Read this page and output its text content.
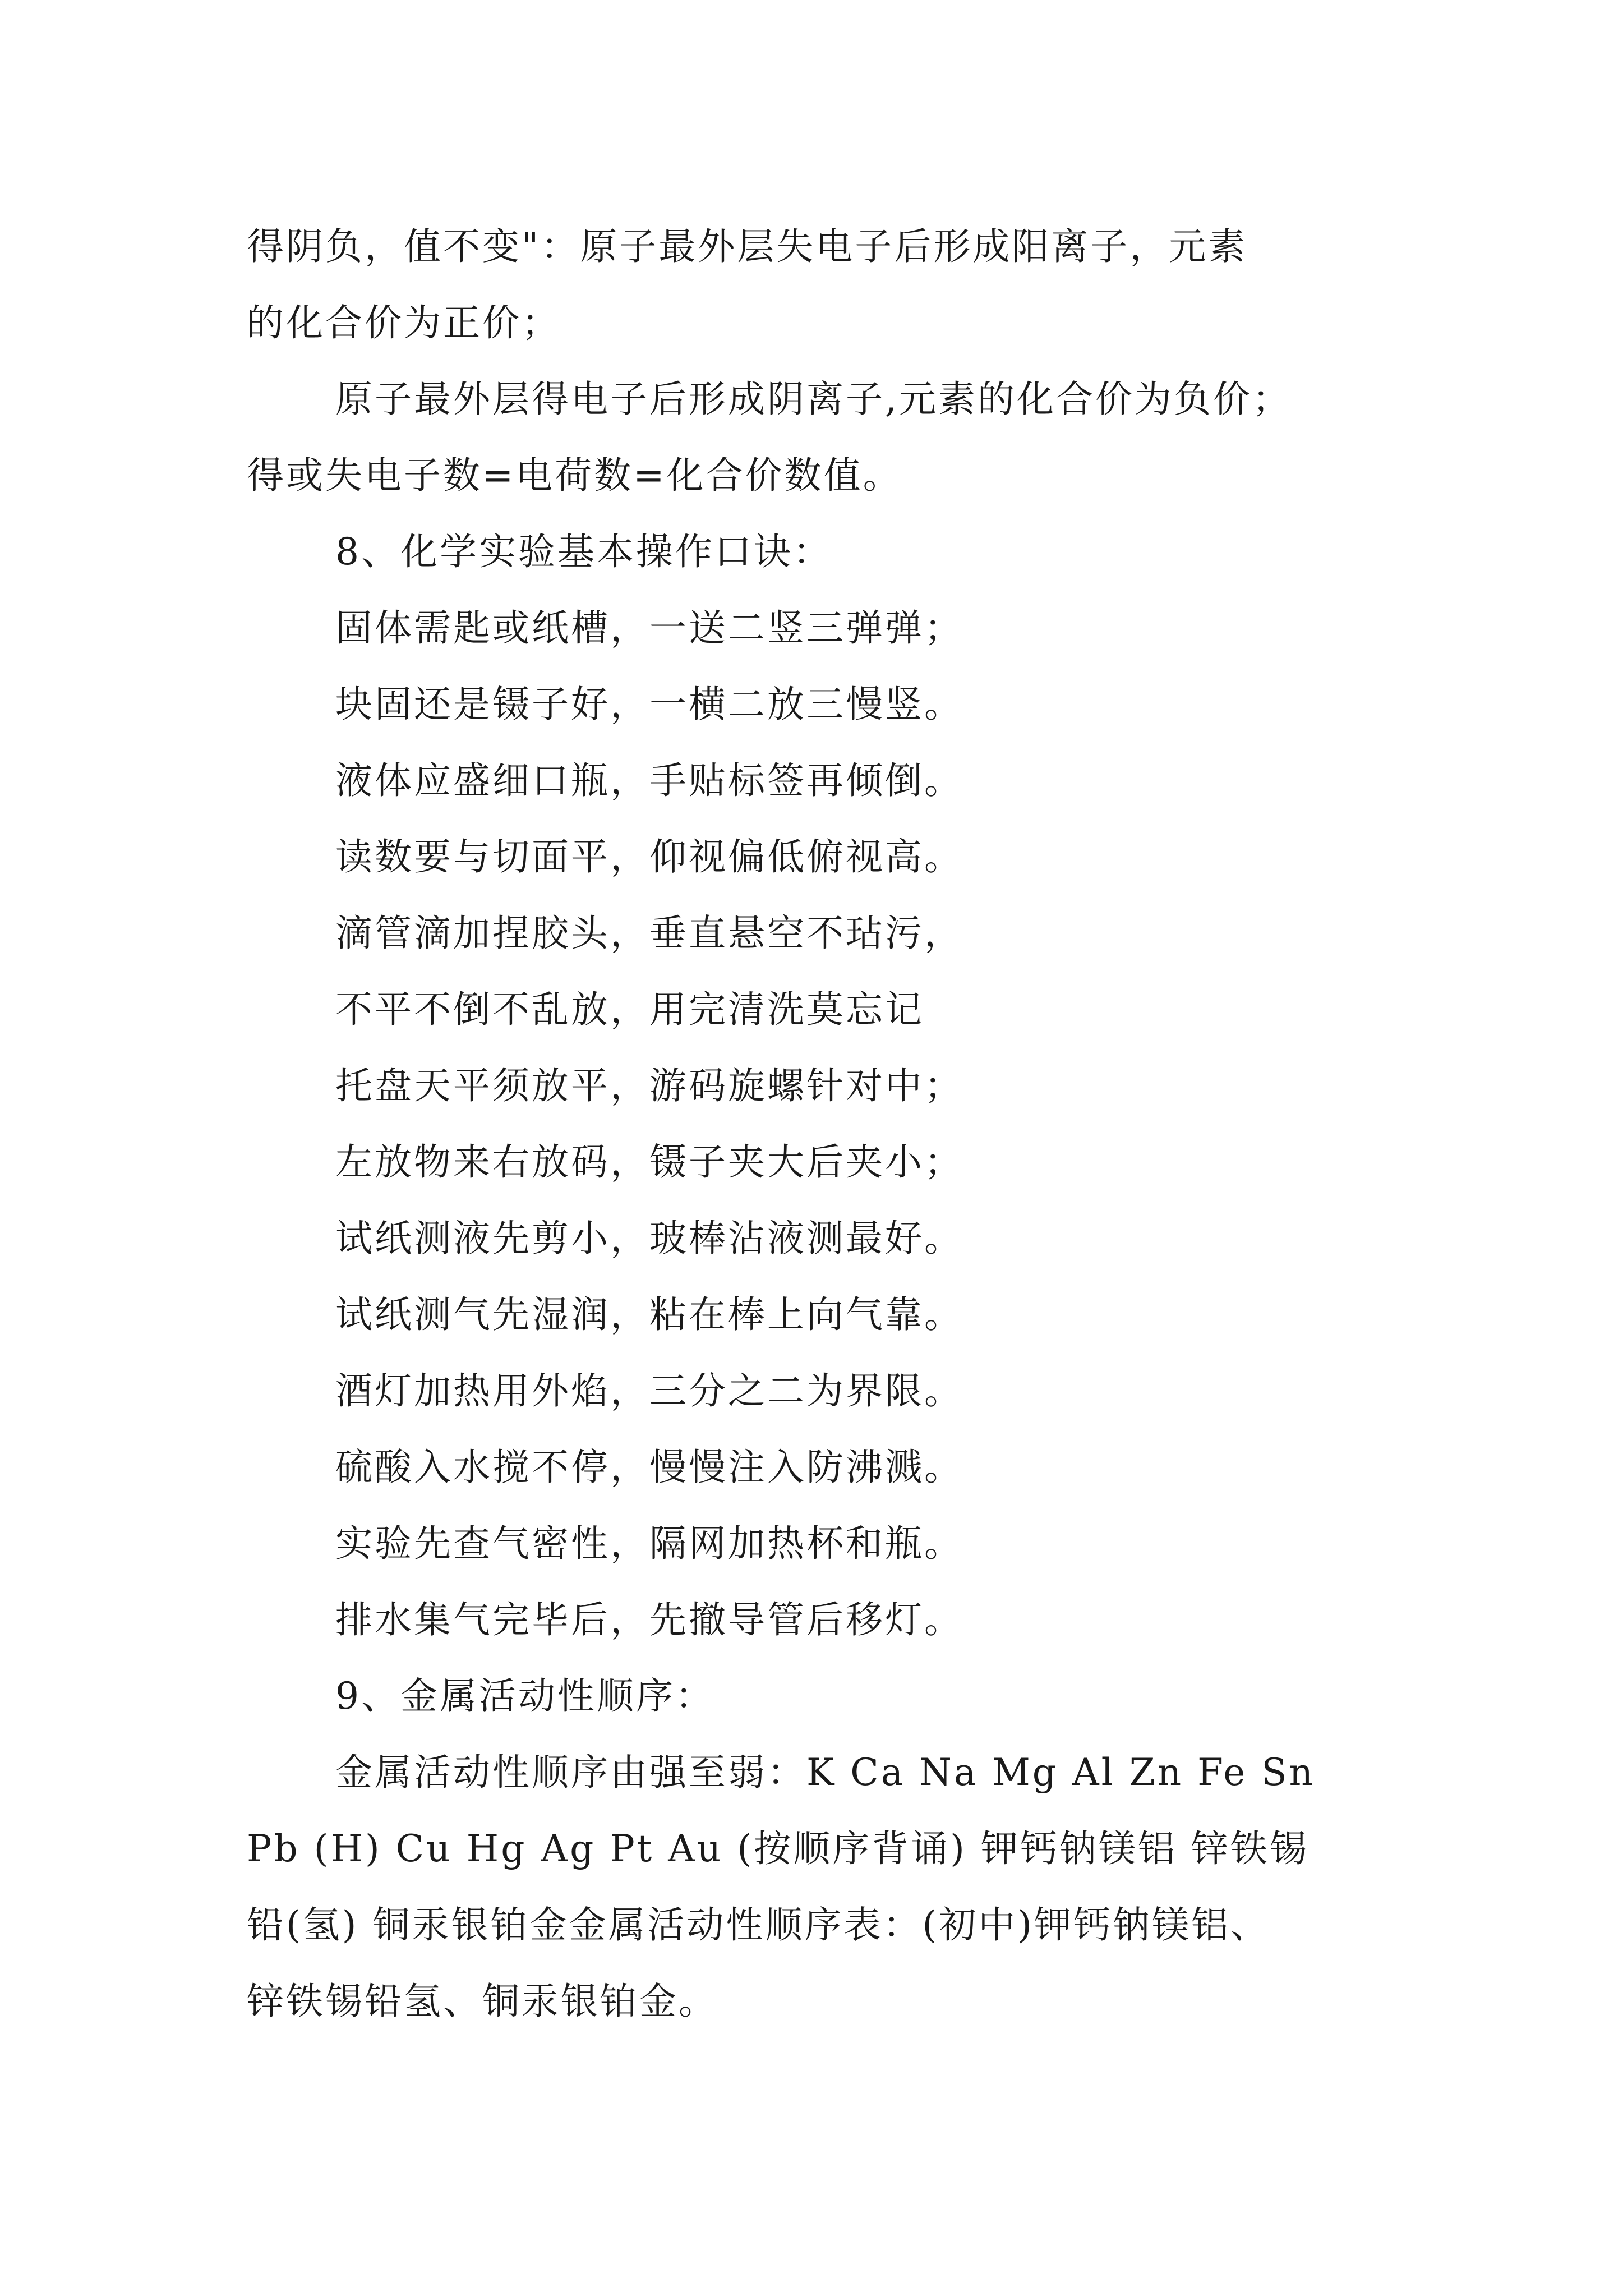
得阴负，值不变"：原子最外层失电子后形成阳离子，元素

的化合价为正价；

原子最外层得电子后形成阴离子,元素的化合价为负价；

得或失电子数=电荷数=化合价数值。

8、化学实验基本操作口诀：

固体需匙或纸槽，一送二竖三弹弹；

块固还是镊子好，一横二放三慢竖。

液体应盛细口瓶，手贴标签再倾倒。

读数要与切面平，仰视偏低俯视高。

滴管滴加捏胶头，垂直悬空不玷污，

不平不倒不乱放，用完清洗莫忘记

托盘天平须放平，游码旋螺针对中；

左放物来右放码，镊子夹大后夹小；

试纸测液先剪小，玻棒沾液测最好。

试纸测气先湿润，粘在棒上向气靠。

酒灯加热用外焰，三分之二为界限。

硫酸入水搅不停，慢慢注入防沸溅。

实验先查气密性，隔网加热杯和瓶。

排水集气完毕后，先撤导管后移灯。

9、金属活动性顺序：

金属活动性顺序由强至弱：K Ca Na Mg Al Zn Fe Sn

Pb (H) Cu Hg Ag Pt Au (按顺序背诵) 钾钙钠镁铝 锌铁锡

铅(氢) 铜汞银铂金金属活动性顺序表：(初中)钾钙钠镁铝、

锌铁锡铅氢、铜汞银铂金。
